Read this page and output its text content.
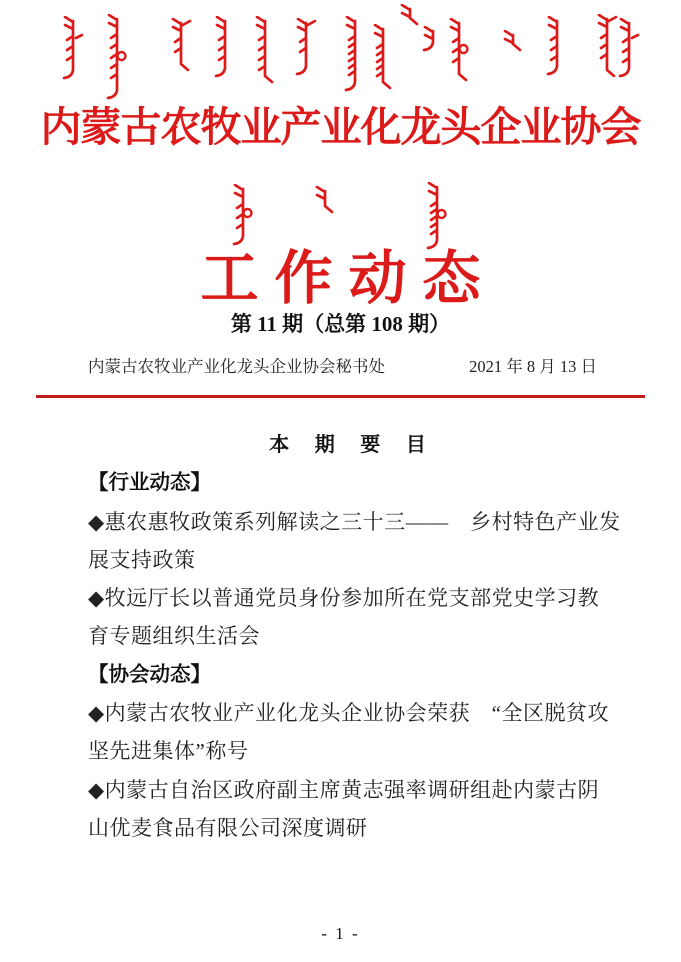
内蒙古农牧业产业化龙头企业协会
工作动态
第 11 期（总第 108 期）
内蒙古农牧业产业化龙头企业协会秘书处	2021 年 8 月 13 日
本 期 要 目
【行业动态】
◆惠农惠牧政策系列解读之三十三——　乡村特色产业发
展支持政策
◆牧远厅长以普通党员身份参加所在党支部党史学习教
育专题组织生活会
【协会动态】
◆内蒙古农牧业产业化龙头企业协会荣获　“全区脱贫攻
坚先进集体”称号
◆内蒙古自治区政府副主席黄志强率调研组赴内蒙古阴
山优麦食品有限公司深度调研
- 1 -
